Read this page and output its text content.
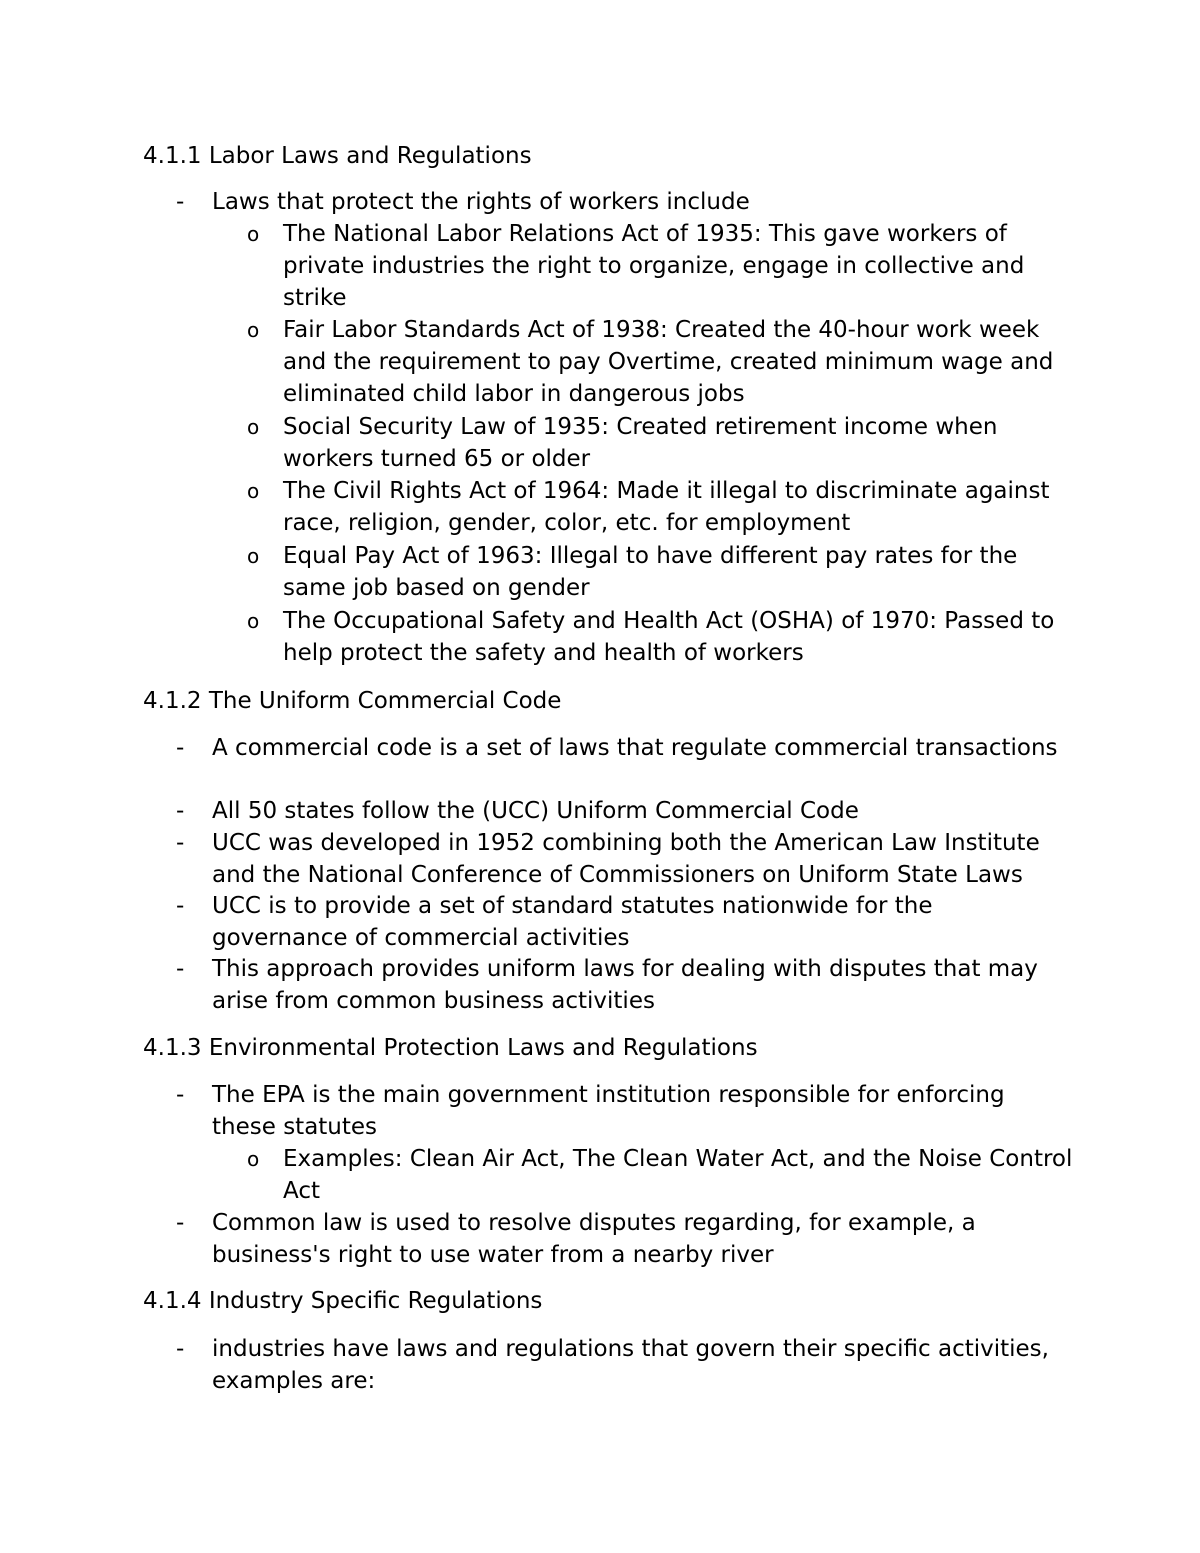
4.1.1 Labor Laws and Regulations
- Laws that protect the rights of workers include
o The National Labor Relations Act of 1935: This gave workers of private industries the right to organize, engage in collective and strike
o Fair Labor Standards Act of 1938: Created the 40-hour work week and the requirement to pay Overtime, created minimum wage and eliminated child labor in dangerous jobs
o Social Security Law of 1935: Created retirement income when workers turned 65 or older
o The Civil Rights Act of 1964: Made it illegal to discriminate against race, religion, gender, color, etc. for employment
o Equal Pay Act of 1963: Illegal to have different pay rates for the same job based on gender
o The Occupational Safety and Health Act (OSHA) of 1970: Passed to help protect the safety and health of workers
4.1.2 The Uniform Commercial Code
- A commercial code is a set of laws that regulate commercial transactions
- All 50 states follow the (UCC) Uniform Commercial Code
- UCC was developed in 1952 combining both the American Law Institute and the National Conference of Commissioners on Uniform State Laws
- UCC is to provide a set of standard statutes nationwide for the governance of commercial activities
- This approach provides uniform laws for dealing with disputes that may arise from common business activities
4.1.3 Environmental Protection Laws and Regulations
- The EPA is the main government institution responsible for enforcing these statutes
o Examples: Clean Air Act, The Clean Water Act, and the Noise Control Act
- Common law is used to resolve disputes regarding, for example, a business's right to use water from a nearby river
4.1.4 Industry Specific Regulations
- industries have laws and regulations that govern their specific activities, examples are:
